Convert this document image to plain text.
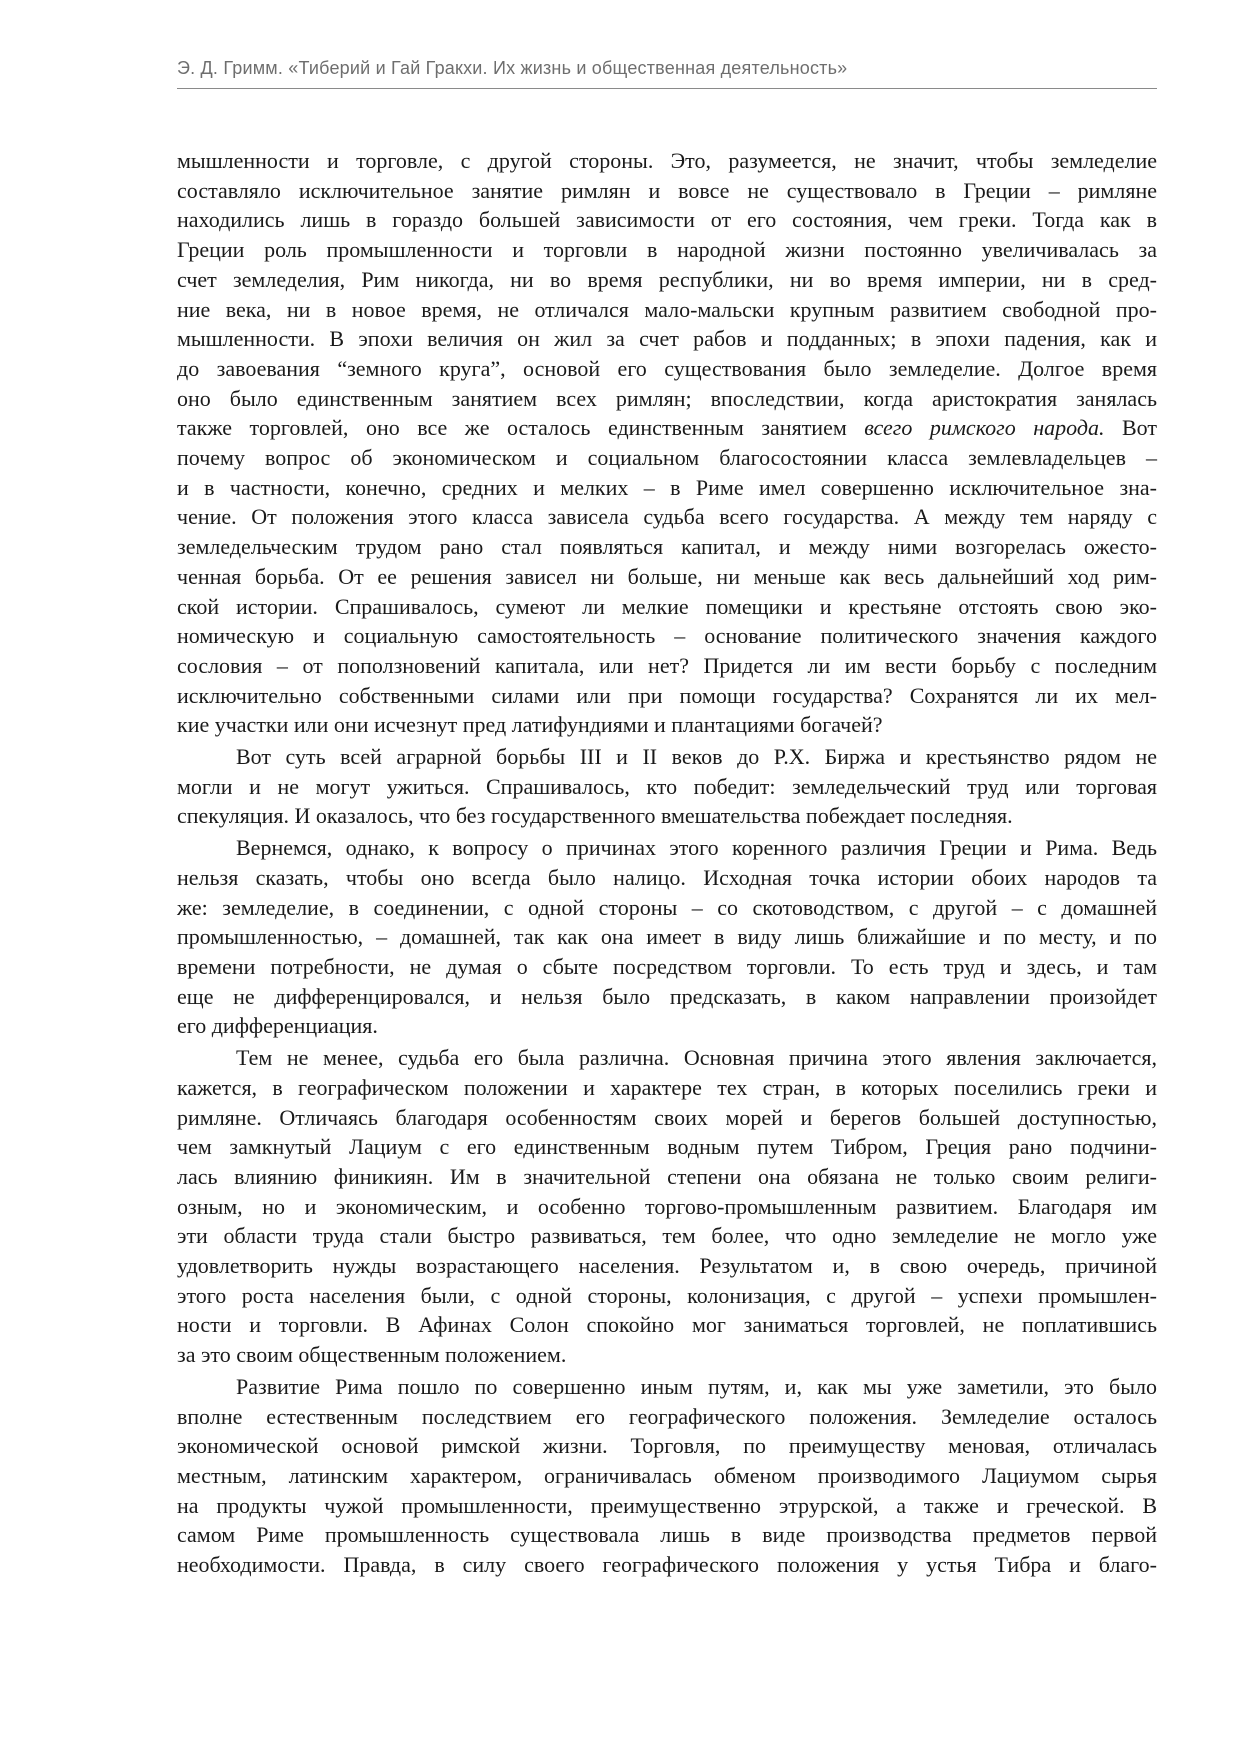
Э. Д. Гримм. «Тиберий и Гай Гракхи. Их жизнь и общественная деятельность»
мышленности и торговле, с другой стороны. Это, разумеется, не значит, чтобы земледелие
составляло исключительное занятие римлян и вовсе не существовало в Греции – римляне
находились лишь в гораздо большей зависимости от его состояния, чем греки. Тогда как в
Греции роль промышленности и торговли в народной жизни постоянно увеличивалась за
счет земледелия, Рим никогда, ни во время республики, ни во время империи, ни в сред-
ние века, ни в новое время, не отличался мало-мальски крупным развитием свободной про-
мышленности. В эпохи величия он жил за счет рабов и подданных; в эпохи падения, как и
до завоевания “земного круга”, основой его существования было земледелие. Долгое время
оно было единственным занятием всех римлян; впоследствии, когда аристократия занялась
также торговлей, оно все же осталось единственным занятием всего римского народа. Вот
почему вопрос об экономическом и социальном благосостоянии класса землевладельцев –
и в частности, конечно, средних и мелких – в Риме имел совершенно исключительное зна-
чение. От положения этого класса зависела судьба всего государства. А между тем наряду с
земледельческим трудом рано стал появляться капитал, и между ними возгорелась ожесто-
ченная борьба. От ее решения зависел ни больше, ни меньше как весь дальнейший ход рим-
ской истории. Спрашивалось, сумеют ли мелкие помещики и крестьяне отстоять свою эко-
номическую и социальную самостоятельность – основание политического значения каждого
сословия – от поползновений капитала, или нет? Придется ли им вести борьбу с последним
исключительно собственными силами или при помощи государства? Сохранятся ли их мел-
кие участки или они исчезнут пред латифундиями и плантациями богачей?
Вот суть всей аграрной борьбы III и II веков до Р.Х. Биржа и крестьянство рядом не
могли и не могут ужиться. Спрашивалось, кто победит: земледельческий труд или торговая
спекуляция. И оказалось, что без государственного вмешательства побеждает последняя.
Вернемся, однако, к вопросу о причинах этого коренного различия Греции и Рима. Ведь
нельзя сказать, чтобы оно всегда было налицо. Исходная точка истории обоих народов та
же: земледелие, в соединении, с одной стороны – со скотоводством, с другой – с домашней
промышленностью, – домашней, так как она имеет в виду лишь ближайшие и по месту, и по
времени потребности, не думая о сбыте посредством торговли. То есть труд и здесь, и там
еще не дифференцировался, и нельзя было предсказать, в каком направлении произойдет
его дифференциация.
Тем не менее, судьба его была различна. Основная причина этого явления заключается,
кажется, в географическом положении и характере тех стран, в которых поселились греки и
римляне. Отличаясь благодаря особенностям своих морей и берегов большей доступностью,
чем замкнутый Лациум с его единственным водным путем Тибром, Греция рано подчини-
лась влиянию финикиян. Им в значительной степени она обязана не только своим религи-
озным, но и экономическим, и особенно торгово-промышленным развитием. Благодаря им
эти области труда стали быстро развиваться, тем более, что одно земледелие не могло уже
удовлетворить нужды возрастающего населения. Результатом и, в свою очередь, причиной
этого роста населения были, с одной стороны, колонизация, с другой – успехи промышлен-
ности и торговли. В Афинах Солон спокойно мог заниматься торговлей, не поплатившись
за это своим общественным положением.
Развитие Рима пошло по совершенно иным путям, и, как мы уже заметили, это было
вполне естественным последствием его географического положения. Земледелие осталось
экономической основой римской жизни. Торговля, по преимуществу меновая, отличалась
местным, латинским характером, ограничивалась обменом производимого Лациумом сырья
на продукты чужой промышленности, преимущественно этрурской, а также и греческой. В
самом Риме промышленность существовала лишь в виде производства предметов первой
необходимости. Правда, в силу своего географического положения у устья Тибра и благо-
